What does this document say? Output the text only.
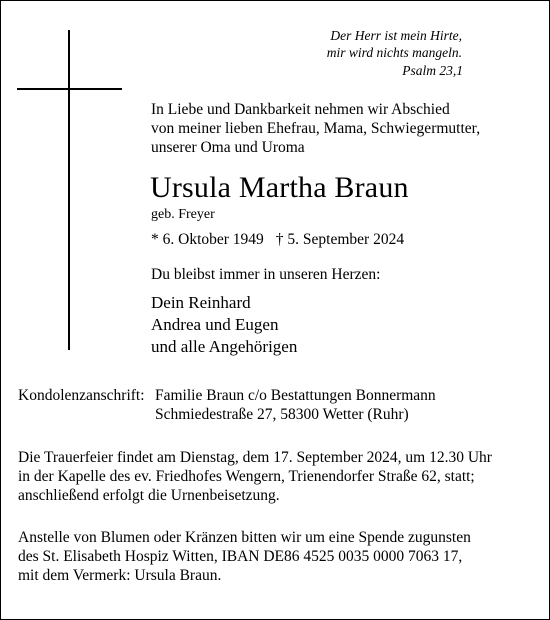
Der Herr ist mein Hirte,
mir wird nichts mangeln.
Psalm 23,1
In Liebe und Dankbarkeit nehmen wir Abschied
von meiner lieben Ehefrau, Mama, Schwiegermutter,
unserer Oma und Uroma
Ursula Martha Braun
geb. Freyer
* 6. Oktober 1949 † 5. September 2024
Du bleibst immer in unseren Herzen:
Dein Reinhard
Andrea und Eugen
und alle Angehörigen
Kondolenzanschrift: Familie Braun c/o Bestattungen Bonnermann
Schmiedestraße 27, 58300 Wetter (Ruhr)
Die Trauerfeier findet am Dienstag, dem 17. September 2024, um 12.30 Uhr
in der Kapelle des ev. Friedhofes Wengern, Trienendorfer Straße 62, statt;
anschließend erfolgt die Urnenbeisetzung.
Anstelle von Blumen oder Kränzen bitten wir um eine Spende zugunsten
des St. Elisabeth Hospiz Witten, IBAN DE86 4525 0035 0000 7063 17,
mit dem Vermerk: Ursula Braun.
